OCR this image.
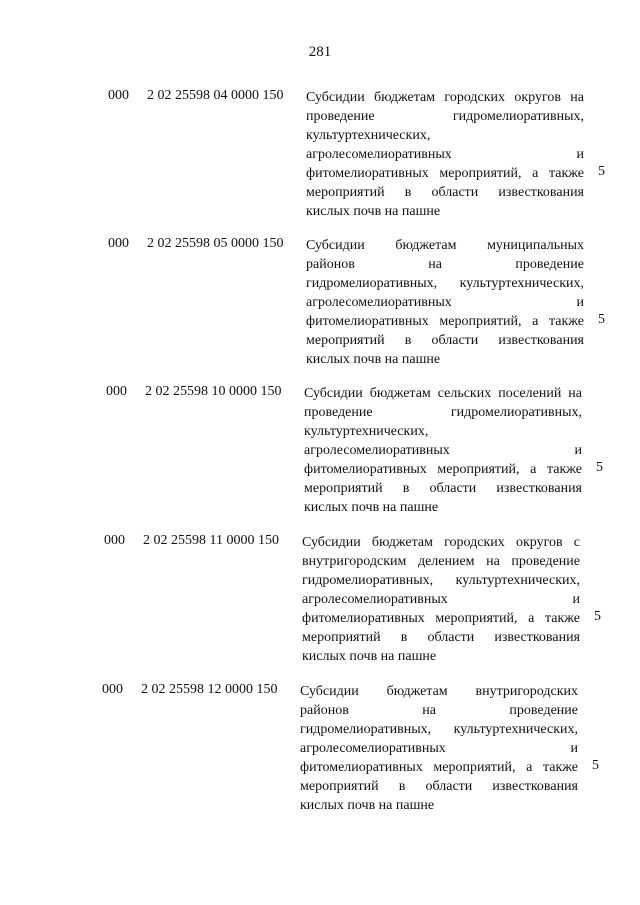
281
000 2 02 25598 04 0000 150 Субсидии бюджетам городских округов на
проведение гидромелиоративных,
культуртехнических,
агролесомелиоративных и
фитомелиоративных мероприятий, а также
мероприятий в области известкования
кислых почв на пашне
5
000 2 02 25598 05 0000 150 Субсидии бюджетам муниципальных
районов на проведение
гидромелиоративных, культуртехнических,
агролесомелиоративных и
фитомелиоративных мероприятий, а также
мероприятий в области известкования
кислых почв на пашне
5
000 2 02 25598 10 0000 150 Субсидии бюджетам сельских поселений на
проведение гидромелиоративных,
культуртехнических,
агролесомелиоративных и
фитомелиоративных мероприятий, а также
мероприятий в области известкования
кислых почв на пашне
5
000 2 02 25598 11 0000 150 Субсидии бюджетам городских округов с
внутригородским делением на проведение
гидромелиоративных, культуртехнических,
агролесомелиоративных и
фитомелиоративных мероприятий, а также
мероприятий в области известкования
кислых почв на пашне
5
000 2 02 25598 12 0000 150 Субсидии бюджетам внутригородских
районов на проведение
гидромелиоративных, культуртехнических,
агролесомелиоративных и
фитомелиоративных мероприятий, а также
мероприятий в области известкования
кислых почв на пашне
5
